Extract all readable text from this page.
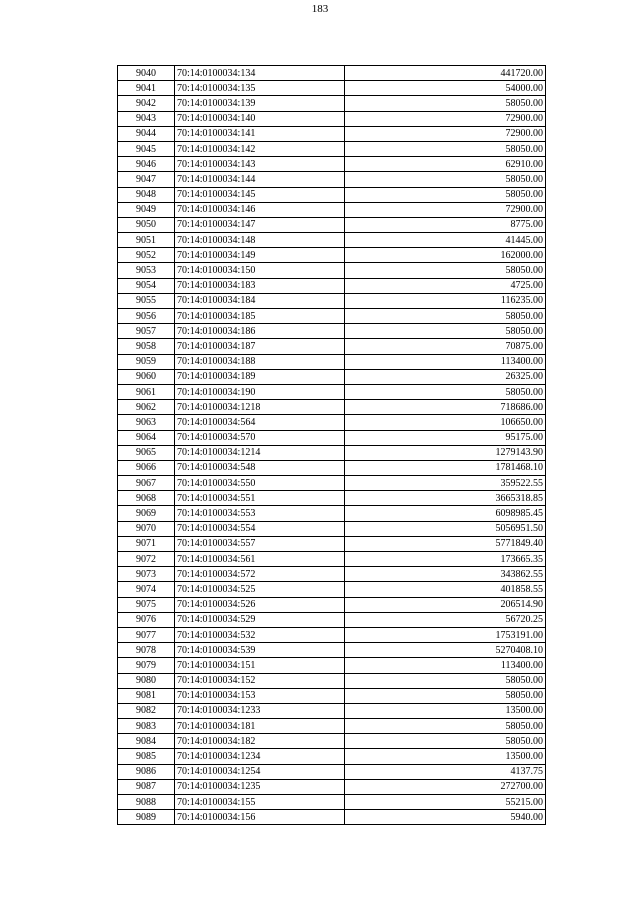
183
9040	70:14:0100034:134	441720.00
9041	70:14:0100034:135	54000.00
9042	70:14:0100034:139	58050.00
9043	70:14:0100034:140	72900.00
9044	70:14:0100034:141	72900.00
9045	70:14:0100034:142	58050.00
9046	70:14:0100034:143	62910.00
9047	70:14:0100034:144	58050.00
9048	70:14:0100034:145	58050.00
9049	70:14:0100034:146	72900.00
9050	70:14:0100034:147	8775.00
9051	70:14:0100034:148	41445.00
9052	70:14:0100034:149	162000.00
9053	70:14:0100034:150	58050.00
9054	70:14:0100034:183	4725.00
9055	70:14:0100034:184	116235.00
9056	70:14:0100034:185	58050.00
9057	70:14:0100034:186	58050.00
9058	70:14:0100034:187	70875.00
9059	70:14:0100034:188	113400.00
9060	70:14:0100034:189	26325.00
9061	70:14:0100034:190	58050.00
9062	70:14:0100034:1218	718686.00
9063	70:14:0100034:564	106650.00
9064	70:14:0100034:570	95175.00
9065	70:14:0100034:1214	1279143.90
9066	70:14:0100034:548	1781468.10
9067	70:14:0100034:550	359522.55
9068	70:14:0100034:551	3665318.85
9069	70:14:0100034:553	6098985.45
9070	70:14:0100034:554	5056951.50
9071	70:14:0100034:557	5771849.40
9072	70:14:0100034:561	173665.35
9073	70:14:0100034:572	343862.55
9074	70:14:0100034:525	401858.55
9075	70:14:0100034:526	206514.90
9076	70:14:0100034:529	56720.25
9077	70:14:0100034:532	1753191.00
9078	70:14:0100034:539	5270408.10
9079	70:14:0100034:151	113400.00
9080	70:14:0100034:152	58050.00
9081	70:14:0100034:153	58050.00
9082	70:14:0100034:1233	13500.00
9083	70:14:0100034:181	58050.00
9084	70:14:0100034:182	58050.00
9085	70:14:0100034:1234	13500.00
9086	70:14:0100034:1254	4137.75
9087	70:14:0100034:1235	272700.00
9088	70:14:0100034:155	55215.00
9089	70:14:0100034:156	5940.00
